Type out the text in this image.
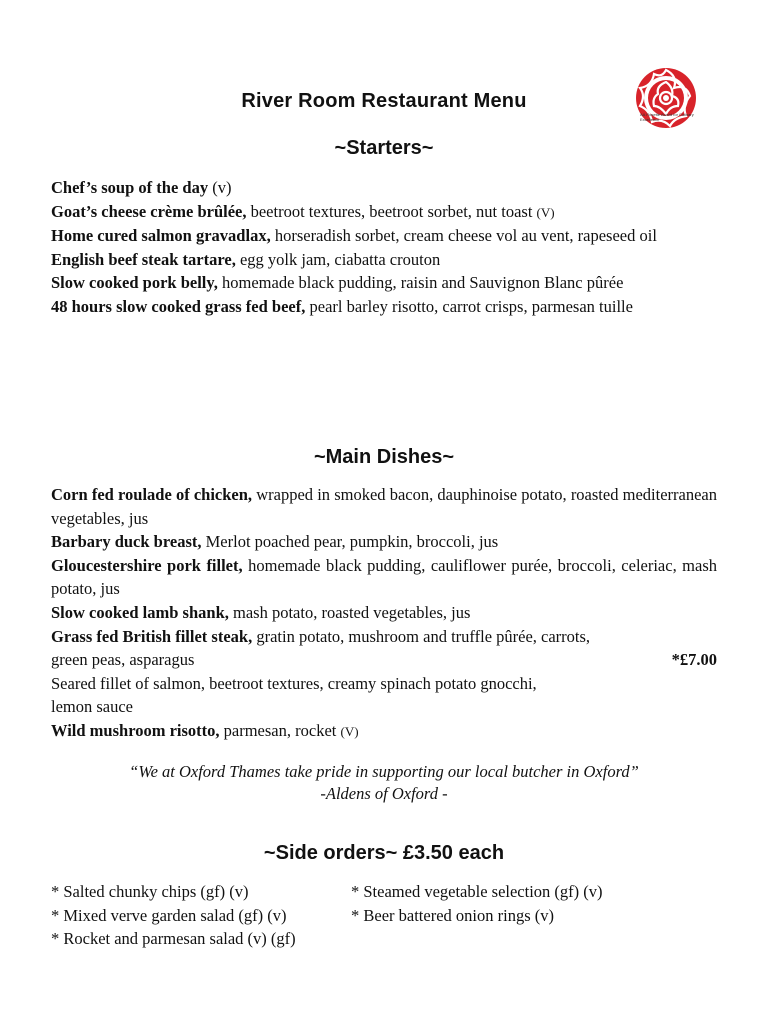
AA Rosette Award for Culinary Excellence
River Room Restaurant Menu
~Starters~
Chef’s soup of the day (v)
Goat’s cheese crème brûlée, beetroot textures, beetroot sorbet, nut toast (V)
Home cured salmon gravadlax, horseradish sorbet, cream cheese vol au vent, rapeseed oil
English beef steak tartare, egg yolk jam, ciabatta crouton
Slow cooked pork belly, homemade black pudding, raisin and Sauvignon Blanc pûrée
48 hours slow cooked grass fed beef, pearl barley risotto, carrot crisps, parmesan tuille
~Main Dishes~
Corn fed roulade of chicken, wrapped in smoked bacon, dauphinoise potato, roasted mediterranean vegetables, jus
Barbary duck breast, Merlot poached pear, pumpkin, broccoli, jus
Gloucestershire pork fillet, homemade black pudding, cauliflower purée, broccoli, celeriac, mash potato, jus
Slow cooked lamb shank, mash potato, roasted vegetables, jus
Grass fed British fillet steak, gratin potato, mushroom and truffle pûrée, carrots,
green peas, asparagus	*£7.00
Seared fillet of salmon, beetroot textures, creamy spinach potato gnocchi,
lemon sauce
Wild mushroom risotto, parmesan, rocket (V)
“We at Oxford Thames take pride in supporting our local butcher in Oxford”
-Aldens of Oxford -
~Side orders~ £3.50 each
* Salted chunky chips (gf) (v)	* Steamed vegetable selection (gf) (v)
* Mixed verve garden salad (gf) (v)	* Beer battered onion rings (v)
* Rocket and parmesan salad (v) (gf)
